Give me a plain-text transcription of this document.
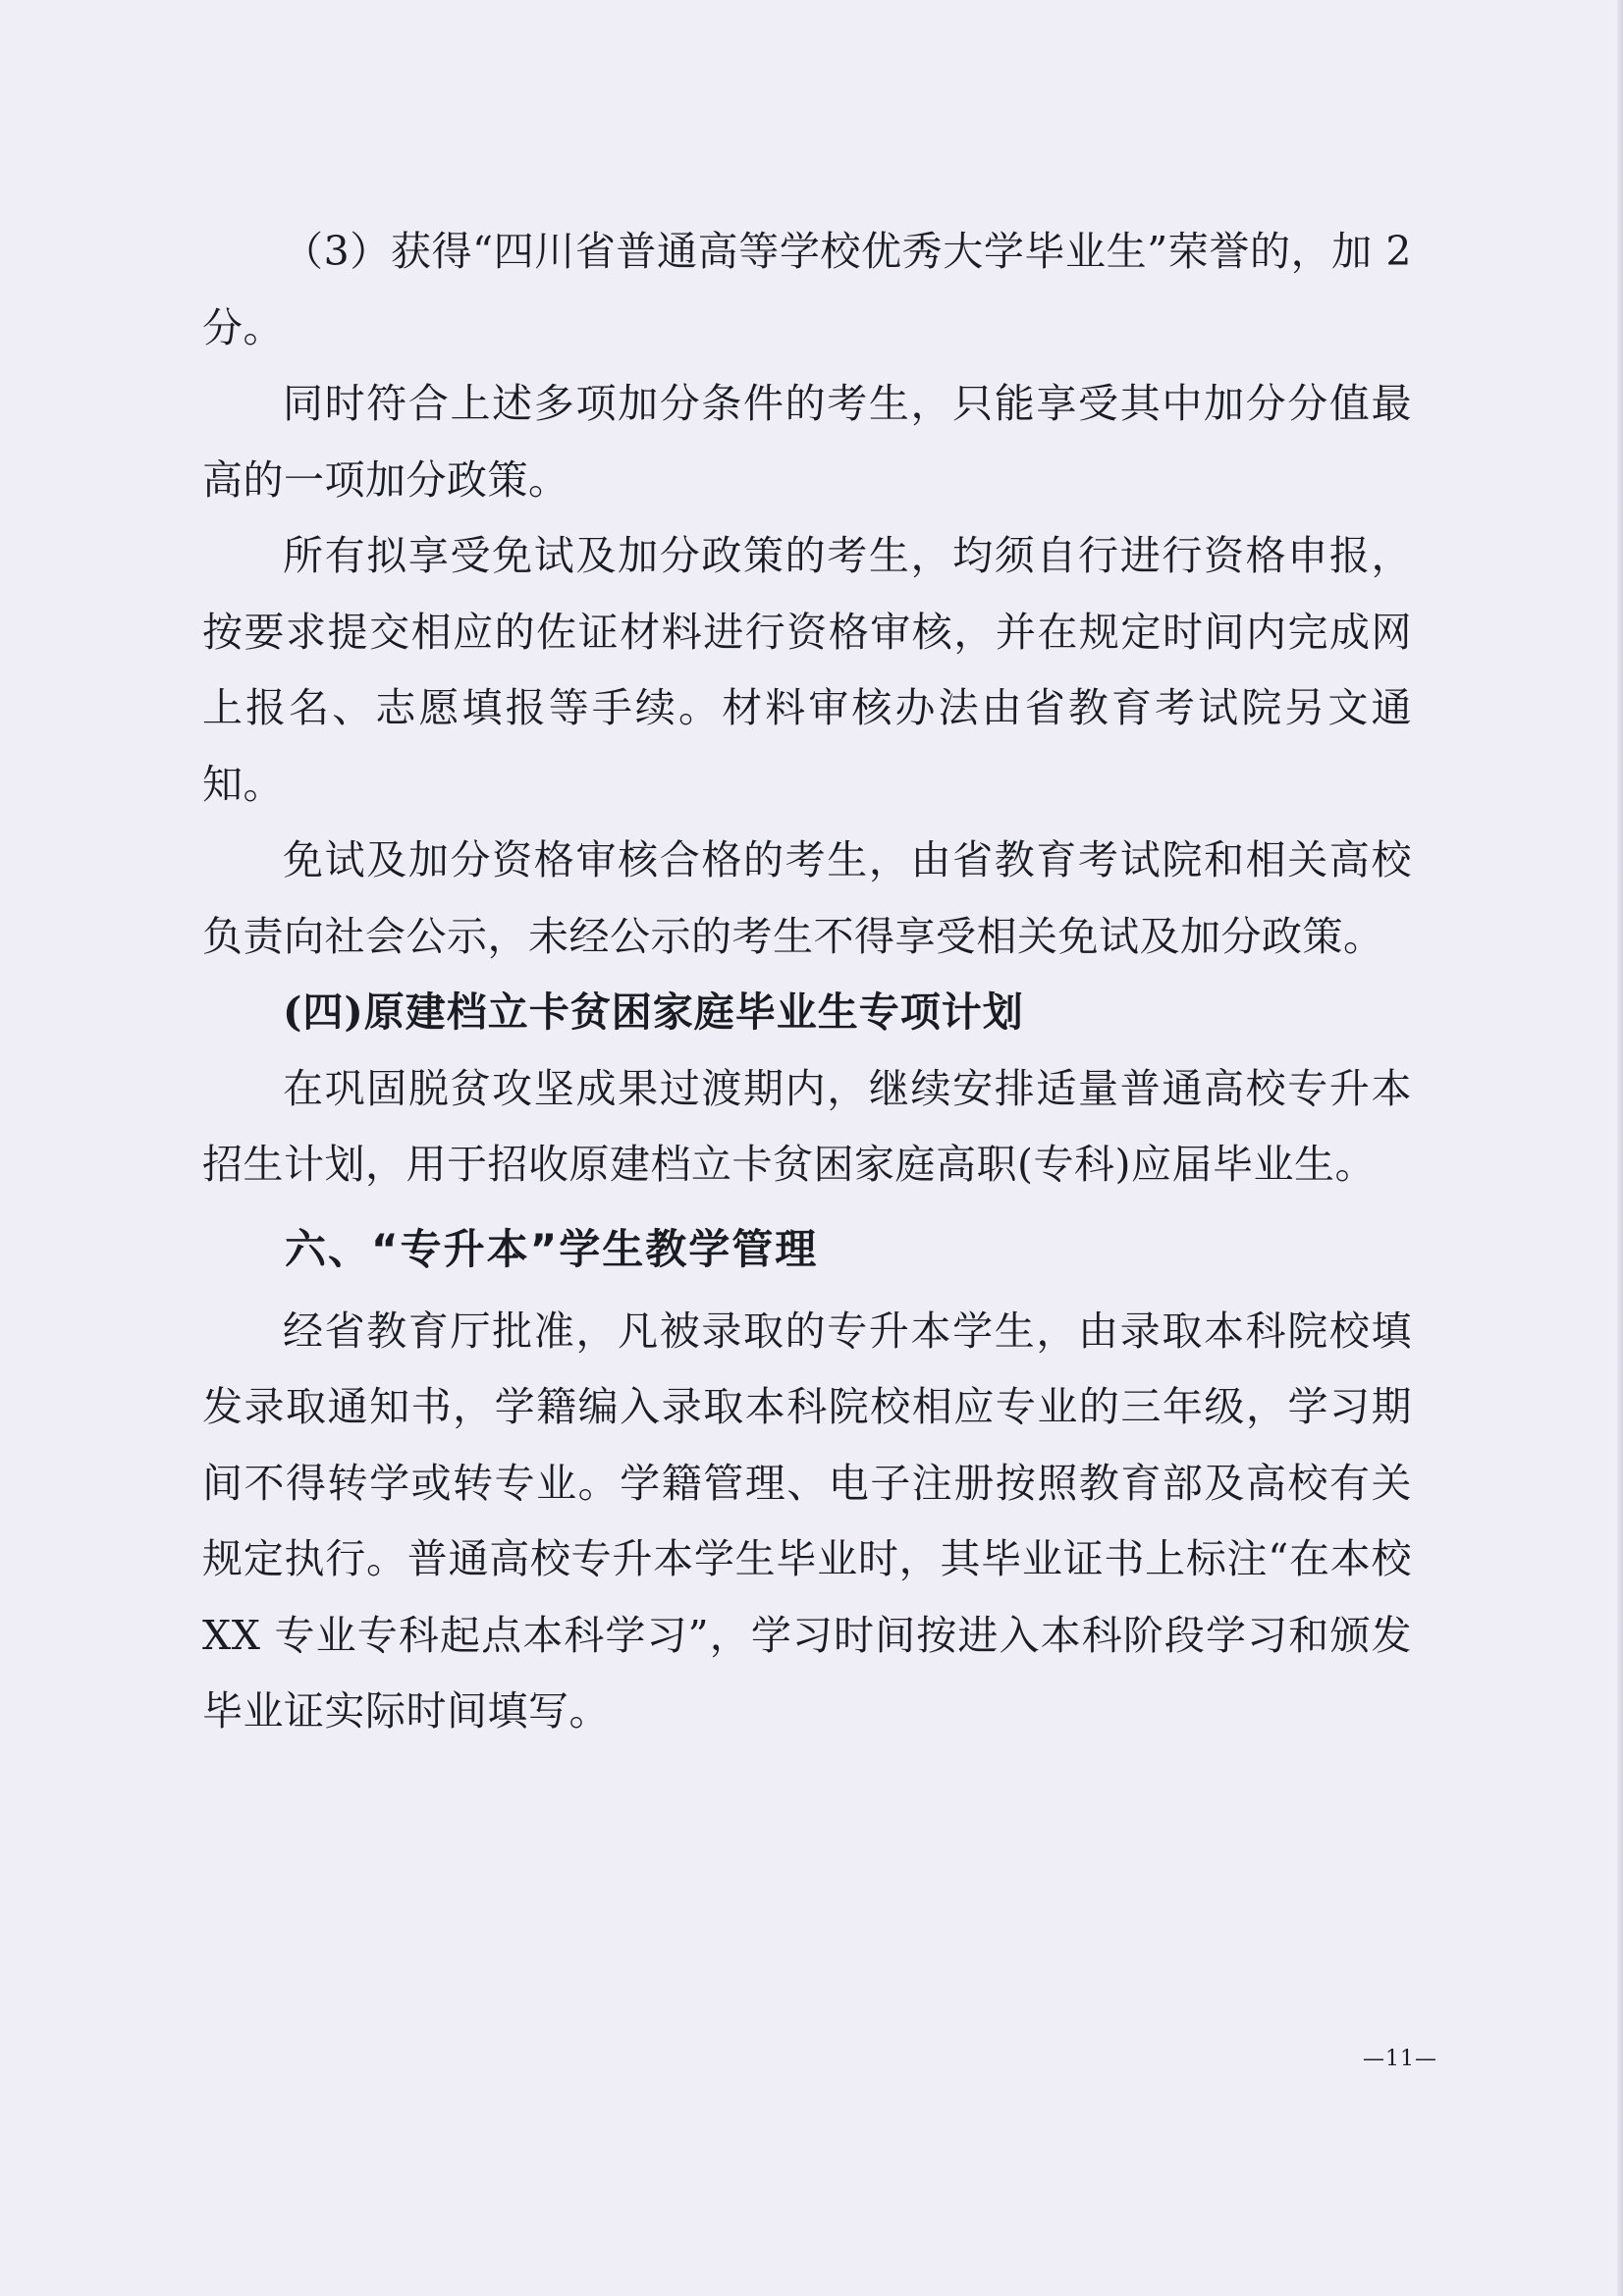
（3）获得“四川省普通高等学校优秀大学毕业生”荣誉的，加 2 分。

同时符合上述多项加分条件的考生，只能享受其中加分分值最高的一项加分政策。

所有拟享受免试及加分政策的考生，均须自行进行资格申报，按要求提交相应的佐证材料进行资格审核，并在规定时间内完成网上报名、志愿填报等手续。材料审核办法由省教育考试院另文通知。

免试及加分资格审核合格的考生，由省教育考试院和相关高校负责向社会公示，未经公示的考生不得享受相关免试及加分政策。

(四)原建档立卡贫困家庭毕业生专项计划

在巩固脱贫攻坚成果过渡期内，继续安排适量普通高校专升本招生计划，用于招收原建档立卡贫困家庭高职(专科)应届毕业生。

六、“专升本”学生教学管理

经省教育厅批准，凡被录取的专升本学生，由录取本科院校填发录取通知书，学籍编入录取本科院校相应专业的三年级，学习期间不得转学或转专业。学籍管理、电子注册按照教育部及高校有关规定执行。普通高校专升本学生毕业时，其毕业证书上标注“在本校 XX 专业专科起点本科学习”，学习时间按进入本科阶段学习和颁发毕业证实际时间填写。

—11—
